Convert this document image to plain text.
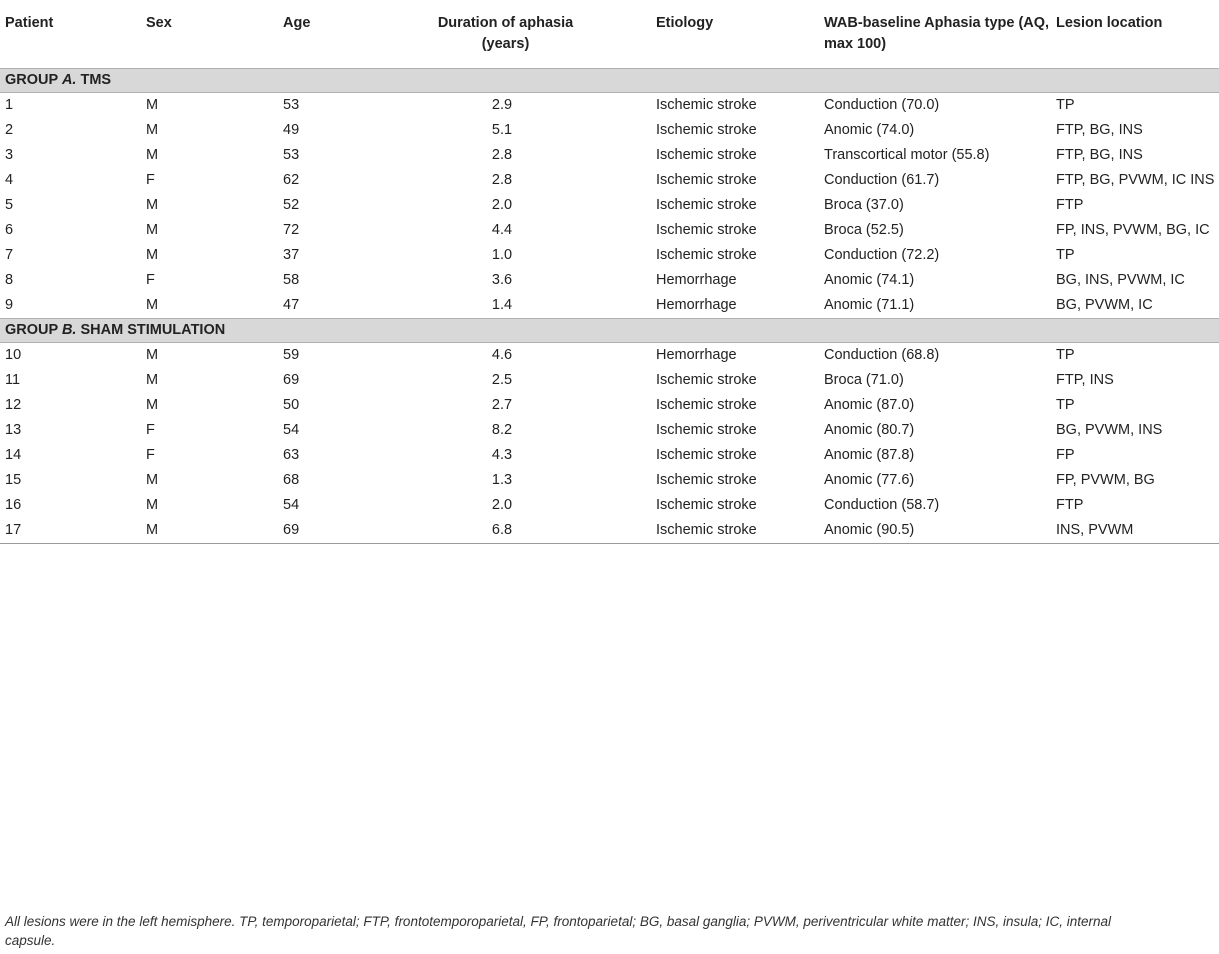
Patient	Sex	Age	Duration of aphasia (years)	Etiology	WAB-baseline Aphasia type (AQ, max 100)	Lesion location
GROUP A. TMS						
1	M	53	2.9	Ischemic stroke	Conduction (70.0)	TP
2	M	49	5.1	Ischemic stroke	Anomic (74.0)	FTP, BG, INS
3	M	53	2.8	Ischemic stroke	Transcortical motor (55.8)	FTP, BG, INS
4	F	62	2.8	Ischemic stroke	Conduction (61.7)	FTP, BG, PVWM, IC INS
5	M	52	2.0	Ischemic stroke	Broca (37.0)	FTP
6	M	72	4.4	Ischemic stroke	Broca (52.5)	FP, INS, PVWM, BG, IC
7	M	37	1.0	Ischemic stroke	Conduction (72.2)	TP
8	F	58	3.6	Hemorrhage	Anomic (74.1)	BG, INS, PVWM, IC
9	M	47	1.4	Hemorrhage	Anomic (71.1)	BG, PVWM, IC
GROUP B. SHAM STIMULATION						
10	M	59	4.6	Hemorrhage	Conduction (68.8)	TP
11	M	69	2.5	Ischemic stroke	Broca (71.0)	FTP, INS
12	M	50	2.7	Ischemic stroke	Anomic (87.0)	TP
13	F	54	8.2	Ischemic stroke	Anomic (80.7)	BG, PVWM, INS
14	F	63	4.3	Ischemic stroke	Anomic (87.8)	FP
15	M	68	1.3	Ischemic stroke	Anomic (77.6)	FP, PVWM, BG
16	M	54	2.0	Ischemic stroke	Conduction (58.7)	FTP
17	M	69	6.8	Ischemic stroke	Anomic (90.5)	INS, PVWM
All lesions were in the left hemisphere. TP, temporoparietal; FTP, frontotemporoparietal, FP, frontoparietal; BG, basal ganglia; PVWM, periventricular white matter; INS, insula; IC, internal capsule.
